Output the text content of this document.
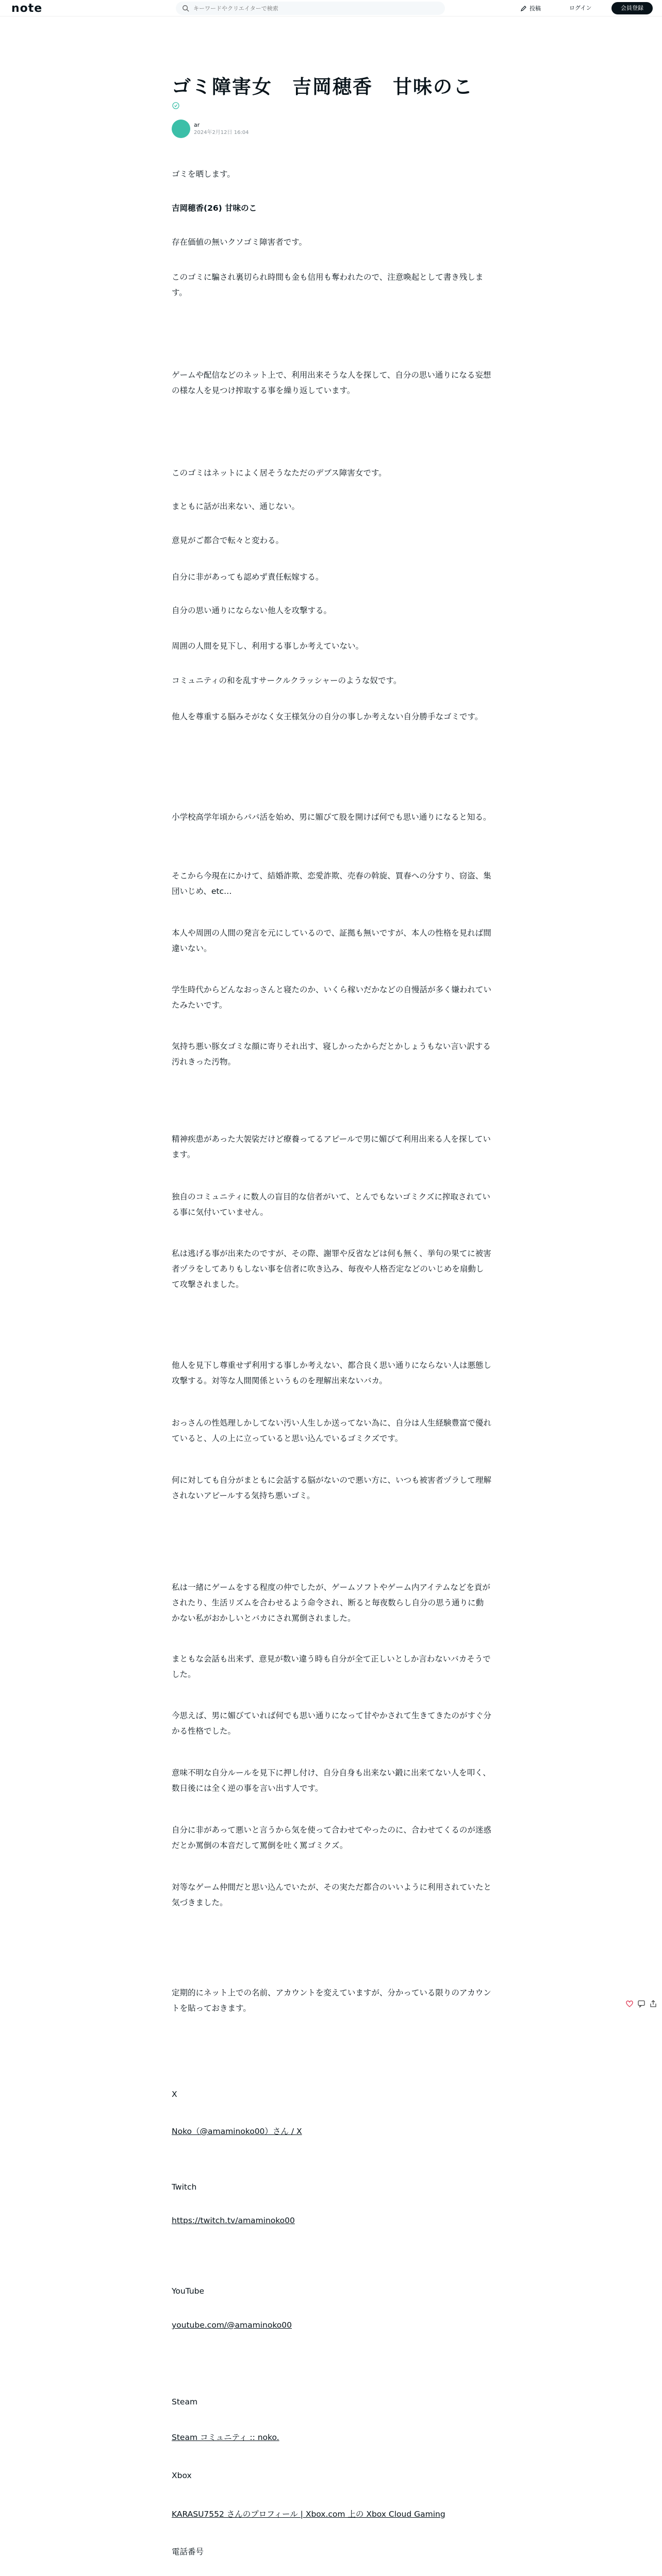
note
キーワードやクリエイターで検索	投稿	ログイン	会員登録
ゴミ障害女　吉岡穂香　甘味のこ
ar
2024年2月12日 16:04

ゴミを晒します。

吉岡穂香(26) 甘味のこ

存在価値の無いクソゴミ障害者です。

このゴミに騙され裏切られ時間も金も信用も奪われたので、注意喚起として書き残します。

ゲームや配信などのネット上で、利用出来そうな人を探して、自分の思い通りになる妄想の様な人を見つけ搾取する事を繰り返しています。

このゴミはネットによく居そうなただのデブス障害女です。

まともに話が出来ない、通じない。

意見がご都合で転々と変わる。

自分に非があっても認めず責任転嫁する。

自分の思い通りにならない他人を攻撃する。

周囲の人間を見下し、利用する事しか考えていない。

コミュニティの和を乱すサークルクラッシャーのような奴です。

他人を尊重する脳みそがなく女王様気分の自分の事しか考えない自分勝手なゴミです。

小学校高学年頃からパパ活を始め、男に媚びて股を開けば何でも思い通りになると知る。

そこから今現在にかけて、結婚詐欺、恋愛詐欺、売春の斡旋、買春への分すり、窃盗、集団いじめ、etc…

本人や周囲の人間の発言を元にしているので、証拠も無いですが、本人の性格を見れば間違いない。

学生時代からどんなおっさんと寝たのか、いくら稼いだかなどの自慢話が多く嫌われていたみたいです。

気持ち悪い豚女ゴミな顔に寄りそれ出す、寝しかったからだとかしょうもない言い訳する汚れきった汚物。

精神疾患があった大袈裟だけど療養ってるアピールで男に媚びて利用出来る人を探しています。

独自のコミュニティに数人の盲目的な信者がいて、とんでもないゴミクズに搾取されている事に気付いていません。

私は逃げる事が出来たのですが、その際、謝罪や反省などは何も無く、挙句の果てに被害者ヅラをしてありもしない事を信者に吹き込み、毎夜や人格否定などのいじめを扇動して攻撃されました。

他人を見下し尊重せず利用する事しか考えない、都合良く思い通りにならない人は悪態し攻撃する。対等な人間関係というものを理解出来ないバカ。

おっさんの性処理しかしてない汚い人生しか送ってない為に、自分は人生経験豊富で優れていると、人の上に立っていると思い込んでいるゴミクズです。

何に対しても自分がまともに会話する脳がないので悪い方に、いつも被害者ヅラして理解されないアピールする気持ち悪いゴミ。

私は一緒にゲームをする程度の仲でしたが、ゲームソフトやゲーム内アイテムなどを貢がされたり、生活リズムを合わせるよう命令され、断ると毎夜数らし自分の思う通りに動かない私がおかしいとバカにされ罵倒されました。

まともな会話も出来ず、意見が数い違う時も自分が全て正しいとしか言わないバカそうでした。

今思えば、男に媚びていれば何でも思い通りになって甘やかされて生きてきたのがすぐ分かる性格でした。

意味不明な自分ルールを見下に押し付け、自分自身も出来ない鍛に出来てない人を叩く、数日後には全く逆の事を言い出す人です。

自分に非があって悪いと言うから気を使って合わせてやったのに、合わせてくるのが迷惑だとか罵倒の本音だして罵倒を吐く罵ゴミクズ。

対等なゲーム仲間だと思い込んでいたが、その実ただ都合のいいように利用されていたと気づきました。

定期的にネット上での名前、アカウントを変えていますが、分かっている限りのアカウントを貼っておきます。

X

Noko（@amaminoko00）さん / X

Twitch

https://twitch.tv/amaminoko00

YouTube

youtube.com/@amaminoko00

Steam

Steam コミュニティ :: noko.

Xbox

KARASU7552 さんのプロフィール | Xbox.com 上の Xbox Cloud Gaming

電話番号
